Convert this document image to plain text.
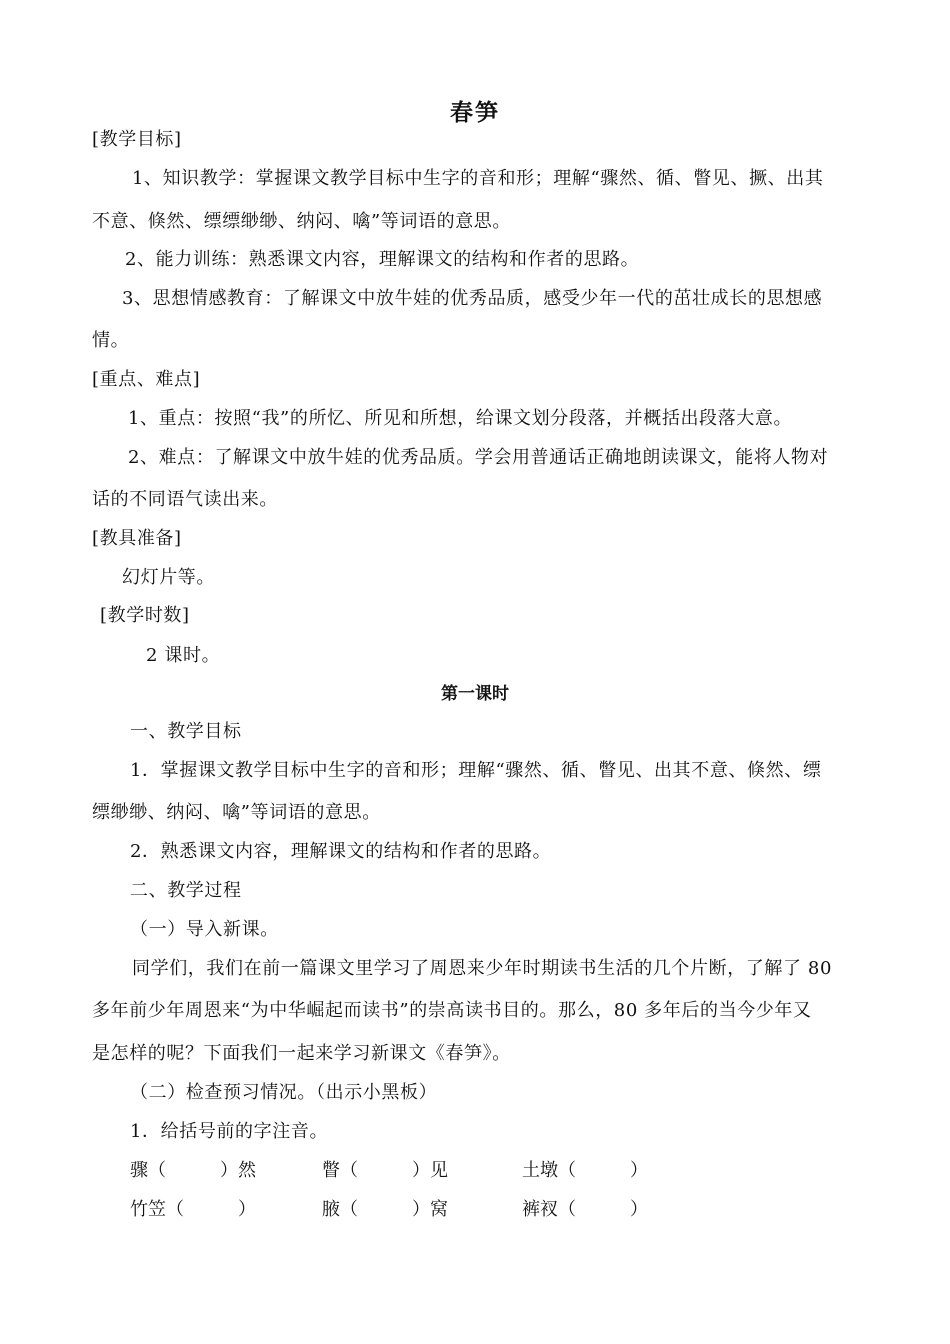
春笋
[教学目标]
1、知识教学：掌握课文教学目标中生字的音和形；理解“骤然、循、瞥见、撅、出其
不意、倏然、缥缥缈缈、纳闷、噙”等词语的意思。
2、能力训练：熟悉课文内容，理解课文的结构和作者的思路。
3、思想情感教育：了解课文中放牛娃的优秀品质，感受少年一代的茁壮成长的思想感
情。
[重点、难点]
1、重点：按照“我”的所忆、所见和所想，给课文划分段落，并概括出段落大意。
2、难点：了解课文中放牛娃的优秀品质。学会用普通话正确地朗读课文，能将人物对
话的不同语气读出来。
[教具准备]
幻灯片等。
[教学时数]
2 课时。
第一课时
一、教学目标
1．掌握课文教学目标中生字的音和形；理解“骤然、循、瞥见、出其不意、倏然、缥
缥缈缈、纳闷、噙”等词语的意思。
2．熟悉课文内容，理解课文的结构和作者的思路。
二、教学过程
（一）导入新课。
同学们，我们在前一篇课文里学习了周恩来少年时期读书生活的几个片断，了解了 80
多年前少年周恩来“为中华崛起而读书”的崇高读书目的。那么，80 多年后的当今少年又
是怎样的呢？下面我们一起来学习新课文《春笋》。
（二）检查预习情况。（出示小黑板）
1．给括号前的字注音。
骤（　　　）然	瞥（　　　）见	土墩（　　　）
竹笠（　　　）	腋（　　　）窝	裤衩（　　　）
